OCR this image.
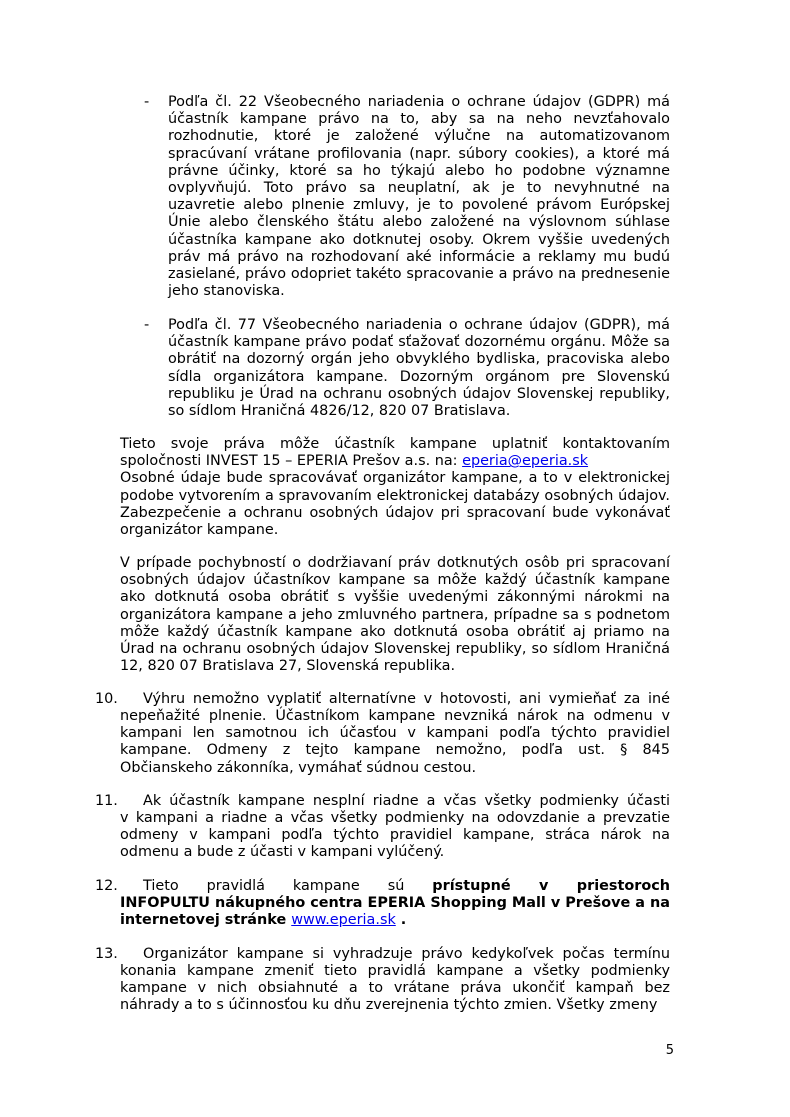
-	Podľa čl. 22 Všeobecného nariadenia o ochrane údajov (GDPR) má účastník kampane právo na to, aby sa na neho nevzťahovalo rozhodnutie, ktoré je založené výlučne na automatizovanom spracúvaní vrátane profilovania (napr. súbory cookies), a ktoré má právne účinky, ktoré sa ho týkajú alebo ho podobne významne ovplyvňujú. Toto právo sa neuplatní, ak je to nevyhnutné na uzavretie alebo plnenie zmluvy, je to povolené právom Európskej Únie alebo členského štátu alebo založené na výslovnom súhlase účastníka kampane ako dotknutej osoby. Okrem vyššie uvedených práv má právo na rozhodovaní aké informácie a reklamy mu budú zasielané, právo odopriet takéto spracovanie a právo na prednesenie jeho stanoviska.
-	Podľa čl. 77 Všeobecného nariadenia o ochrane údajov (GDPR), má účastník kampane právo podať sťažovať dozornému orgánu. Môže sa obrátiť na dozorný orgán jeho obvyklého bydliska, pracoviska alebo sídla organizátora kampane. Dozorným orgánom pre Slovenskú republiku je Úrad na ochranu osobných údajov Slovenskej republiky, so sídlom Hraničná 4826/12, 820 07 Bratislava.
Tieto svoje práva môže účastník kampane uplatniť kontaktovaním spoločnosti INVEST 15 – EPERIA Prešov a.s. na: eperia@eperia.sk
Osobné údaje bude spracovávať organizátor kampane, a to v elektronickej podobe vytvorením a spravovaním elektronickej databázy osobných údajov. Zabezpečenie a ochranu osobných údajov pri spracovaní bude vykonávať organizátor kampane.
V prípade pochybností o dodržiavaní práv dotknutých osôb pri spracovaní osobných údajov účastníkov kampane sa môže každý účastník kampane ako dotknutá osoba obrátiť s vyššie uvedenými zákonnými nárokmi na organizátora kampane a jeho zmluvného partnera, prípadne sa s podnetom môže každý účastník kampane ako dotknutá osoba obrátiť aj priamo na Úrad na ochranu osobných údajov Slovenskej republiky, so sídlom Hraničná 12, 820 07 Bratislava 27, Slovenská republika.
10.	Výhru nemožno vyplatiť alternatívne v hotovosti, ani vymieňať za iné
nepeňažité plnenie. Účastníkom kampane nevzniká nárok na odmenu v kampani len samotnou ich účasťou v kampani podľa týchto pravidiel kampane. Odmeny z tejto kampane nemožno, podľa ust. § 845 Občianskeho zákonníka, vymáhať súdnou cestou.
11.	Ak účastník kampane nesplní riadne a včas všetky podmienky účasti
v kampani a riadne a včas všetky podmienky na odovzdanie a prevzatie odmeny v kampani podľa týchto pravidiel kampane, stráca nárok na odmenu a bude z účasti v kampani vylúčený.
12.	Tieto pravidlá kampane sú prístupné v priestoroch
INFOPULTU nákupného centra EPERIA Shopping Mall v Prešove a na internetovej stránke www.eperia.sk .
13.	Organizátor kampane si vyhradzuje právo kedykoľvek počas termínu
konania kampane zmeniť tieto pravidlá kampane a všetky podmienky kampane v nich obsiahnuté a to vrátane práva ukončiť kampaň bez náhrady a to s účinnosťou ku dňu zverejnenia týchto zmien. Všetky zmeny
5
